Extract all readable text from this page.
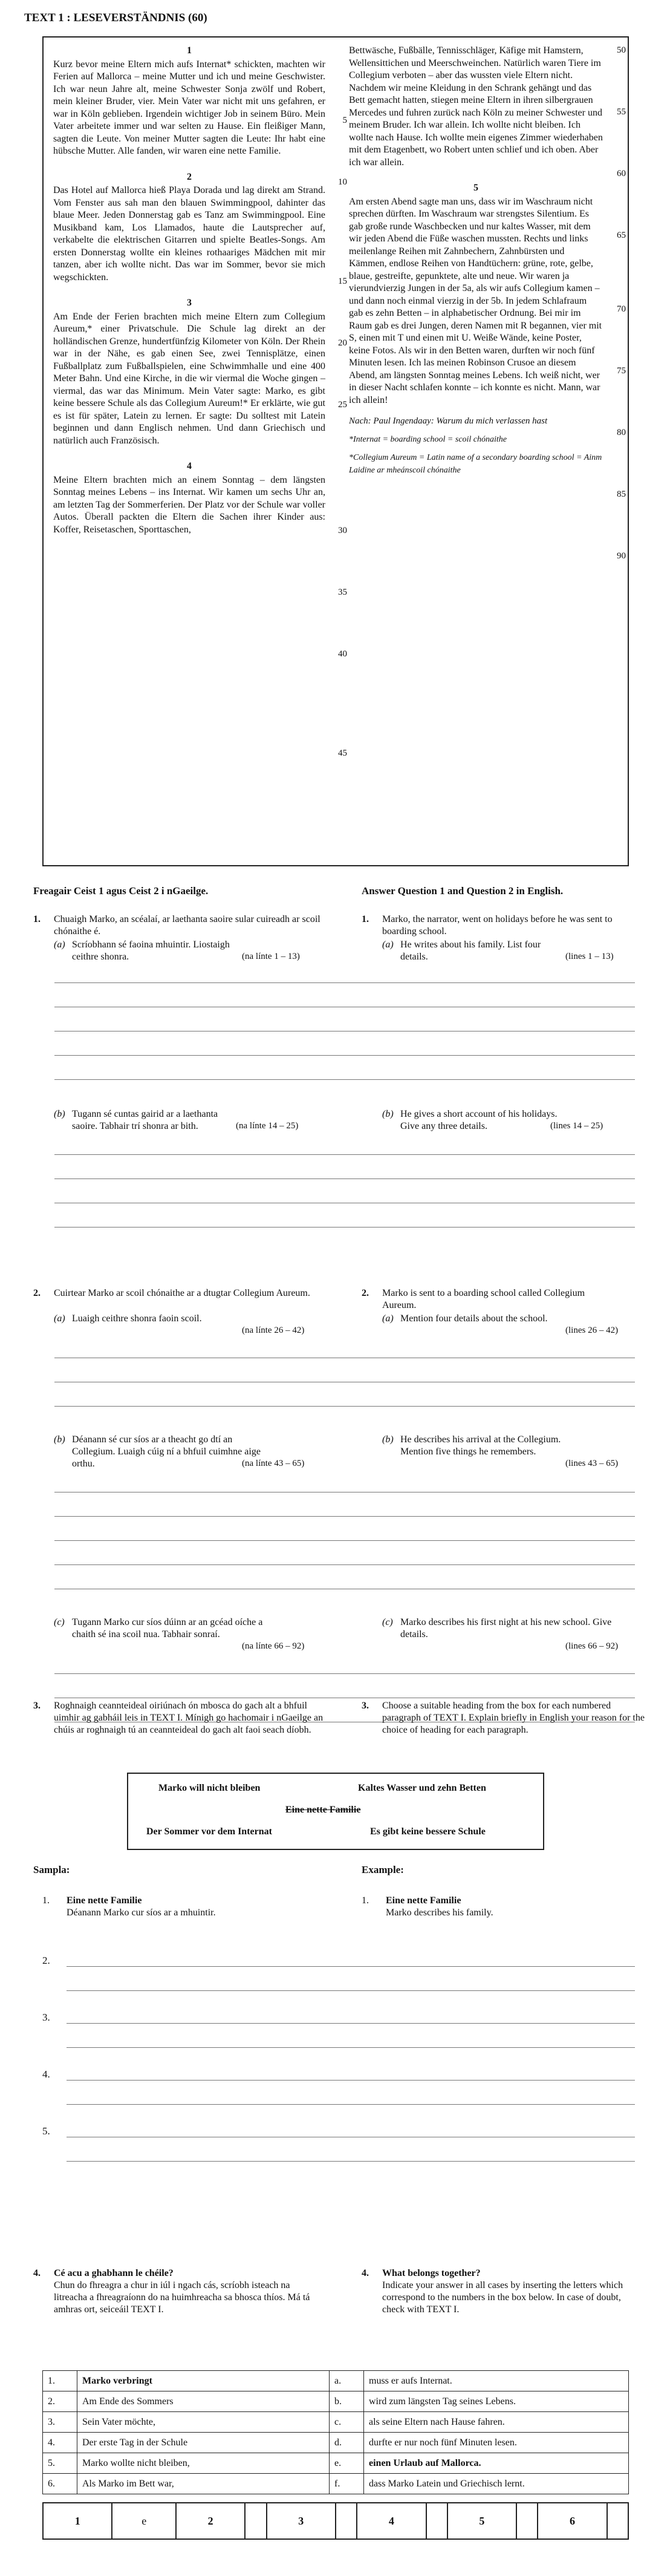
TEXT 1 : LESEVERSTÄNDNIS (60)
1
Kurz bevor meine Eltern mich aufs Internat* schickten, machten wir Ferien auf Mallorca – meine Mutter und ich und meine Geschwister. Ich war neun Jahre alt, meine Schwester Sonja zwölf und Robert, mein kleiner Bruder, vier. Mein Vater war nicht mit uns gefahren, er war in Köln geblieben. Irgendein wichtiger Job in seinem Büro. Mein Vater arbeitete immer und war selten zu Hause. Ein fleißiger Mann, sagten die Leute. Von meiner Mutter sagten die Leute: Ihr habt eine hübsche Mutter. Alle fanden, wir waren eine nette Familie.
2
Das Hotel auf Mallorca hieß Playa Dorada und lag direkt am Strand. Vom Fenster aus sah man den blauen Swimmingpool, dahinter das blaue Meer. Jeden Donnerstag gab es Tanz am Swimmingpool. Eine Musikband kam, Los Llamados, haute die Lautsprecher auf, verkabelte die elektrischen Gitarren und spielte Beatles-Songs. Am ersten Donnerstag wollte ein kleines rothaariges Mädchen mit mir tanzen, aber ich wollte nicht. Das war im Sommer, bevor sie mich wegschickten.
3
Am Ende der Ferien brachten mich meine Eltern zum Collegium Aureum,* einer Privatschule. Die Schule lag direkt an der holländischen Grenze, hundertfünfzig Kilometer von Köln. Der Rhein war in der Nähe, es gab einen See, zwei Tennisplätze, einen Fußballplatz zum Fußballspielen, eine Schwimmhalle und eine 400 Meter Bahn. Und eine Kirche, in die wir viermal die Woche gingen – viermal, das war das Minimum. Mein Vater sagte: Marko, es gibt keine bessere Schule als das Collegium Aureum!* Er erklärte, wie gut es ist für später, Latein zu lernen. Er sagte: Du solltest mit Latein beginnen und dann Englisch nehmen. Und dann Griechisch und natürlich auch Französisch.
4
Meine Eltern brachten mich an einem Sonntag – dem längsten Sonntag meines Lebens – ins Internat. Wir kamen um sechs Uhr an, am letzten Tag der Sommerferien. Der Platz vor der Schule war voller Autos. Überall packten die Eltern die Sachen ihrer Kinder aus: Koffer, Reisetaschen, Sporttaschen,
5
10
15
20
25
30
35
40
45
Bettwäsche, Fußbälle, Tennisschläger, Käfige mit Hamstern, Wellensittichen und Meerschweinchen. Natürlich waren Tiere im Collegium verboten – aber das wussten viele Eltern nicht. Nachdem wir meine Kleidung in den Schrank gehängt und das Bett gemacht hatten, stiegen meine Eltern in ihren silbergrauen Mercedes und fuhren zurück nach Köln zu meiner Schwester und meinem Bruder. Ich war allein. Ich wollte nicht bleiben. Ich wollte nach Hause. Ich wollte mein eigenes Zimmer wiederhaben mit dem Etagenbett, wo Robert unten schlief und ich oben. Aber ich war allein.
5
Am ersten Abend sagte man uns, dass wir im Waschraum nicht sprechen dürften. Im Waschraum war strengstes Silentium. Es gab große runde Waschbecken und nur kaltes Wasser, mit dem wir jeden Abend die Füße waschen mussten. Rechts und links meilenlange Reihen mit Zahnbechern, Zahnbürsten und Kämmen, endlose Reihen von Handtüchern: grüne, rote, gelbe, blaue, gestreifte, gepunktete, alte und neue. Wir waren ja vierundvierzig Jungen in der 5a, als wir aufs Collegium kamen – und dann noch einmal vierzig in der 5b. In jedem Schlafraum gab es zehn Betten – in alphabetischer Ordnung. Bei mir im Raum gab es drei Jungen, deren Namen mit R begannen, vier mit S, einen mit T und einen mit U. Weiße Wände, keine Poster, keine Fotos. Als wir in den Betten waren, durften wir noch fünf Minuten lesen. Ich las meinen Robinson Crusoe an diesem Abend, am längsten Sonntag meines Lebens. Ich weiß nicht, wer in dieser Nacht schlafen konnte – ich konnte es nicht. Mann, war ich allein!
Nach: Paul Ingendaay: Warum du mich verlassen hast
*Internat = boarding school = scoil chónaithe
*Collegium Aureum = Latin name of a secondary boarding school = Ainm Laidine ar mheánscoil chónaithe
50
55
60
65
70
75
80
85
90
Freagair Ceist 1 agus Ceist 2 i nGaeilge.	Answer Question 1 and Question 2 in English.
1. Chuaigh Marko, an scéalaí, ar laethanta saoire sular cuireadh ar scoil chónaithe é.
1. Marko, the narrator, went on holidays before he was sent to boarding school.
(a) Scríobhann sé faoina mhuintir. Liostaigh ceithre shonra.	(na línte 1 – 13)
(a) He writes about his family. List four details.	(lines 1 – 13)
(b) Tugann sé cuntas gairid ar a laethanta saoire. Tabhair trí shonra ar bith.	(na línte 14 – 25)
(b) He gives a short account of his holidays. Give any three details.	(lines 14 – 25)
2. Cuirtear Marko ar scoil chónaithe ar a dtugtar Collegium Aureum.	2. Marko is sent to a boarding school called Collegium Aureum.
(a) Luaigh ceithre shonra faoin scoil.
(na línte 26 – 42)
(a) Mention four details about the school.
(lines 26 – 42)
(b) Déanann sé cur síos ar a theacht go dtí an Collegium. Luaigh cúig ní a bhfuil cuimhne aige orthu.	(na línte 43 – 65)
(b) He describes his arrival at the Collegium. Mention five things he remembers.
(lines 43 – 65)
(c) Tugann Marko cur síos dúinn ar an gcéad oíche a chaith sé ina scoil nua. Tabhair sonraí.
(na línte 66 – 92)
(c) Marko describes his first night at his new school. Give details.
(lines 66 – 92)
3. Roghnaigh ceannteideal oiriúnach ón mbosca do gach alt a bhfuil uimhir ag gabháil leis in TEXT I. Mínigh go hachomair i nGaeilge an chúis ar roghnaigh tú an ceannteideal do gach alt faoi seach díobh.
3. Choose a suitable heading from the box for each numbered paragraph of TEXT I. Explain briefly in English your reason for the choice of heading for each paragraph.
Marko will nicht bleiben	Kaltes Wasser und zehn Betten
Eine nette Familie
Der Sommer vor dem Internat	Es gibt keine bessere Schule
Sampla:	Example:
1. Eine nette Familie
Déanann Marko cur síos ar a mhuintir.
1. Eine nette Familie
Marko describes his family.
2.
3.
4.
5.
4. Cé acu a ghabhann le chéile?
Chun do fhreagra a chur in iúl i ngach cás, scríobh isteach na litreacha a fhreagraíonn do na huimhreacha sa bhosca thíos. Má tá amhras ort, seiceáil TEXT I.
4. What belongs together?
Indicate your answer in all cases by inserting the letters which correspond to the numbers in the box below. In case of doubt, check with TEXT I.
1.	Marko verbringt	a.	muss er aufs Internat.
2.	Am Ende des Sommers	b.	wird zum längsten Tag seines Lebens.
3.	Sein Vater möchte,	c.	als seine Eltern nach Hause fahren.
4.	Der erste Tag in der Schule	d.	durfte er nur noch fünf Minuten lesen.
5.	Marko wollte nicht bleiben,	e.	einen Urlaub auf Mallorca.
6.	Als Marko im Bett war,	f.	dass Marko Latein und Griechisch lernt.
1	e	2		3		4		5		6	
